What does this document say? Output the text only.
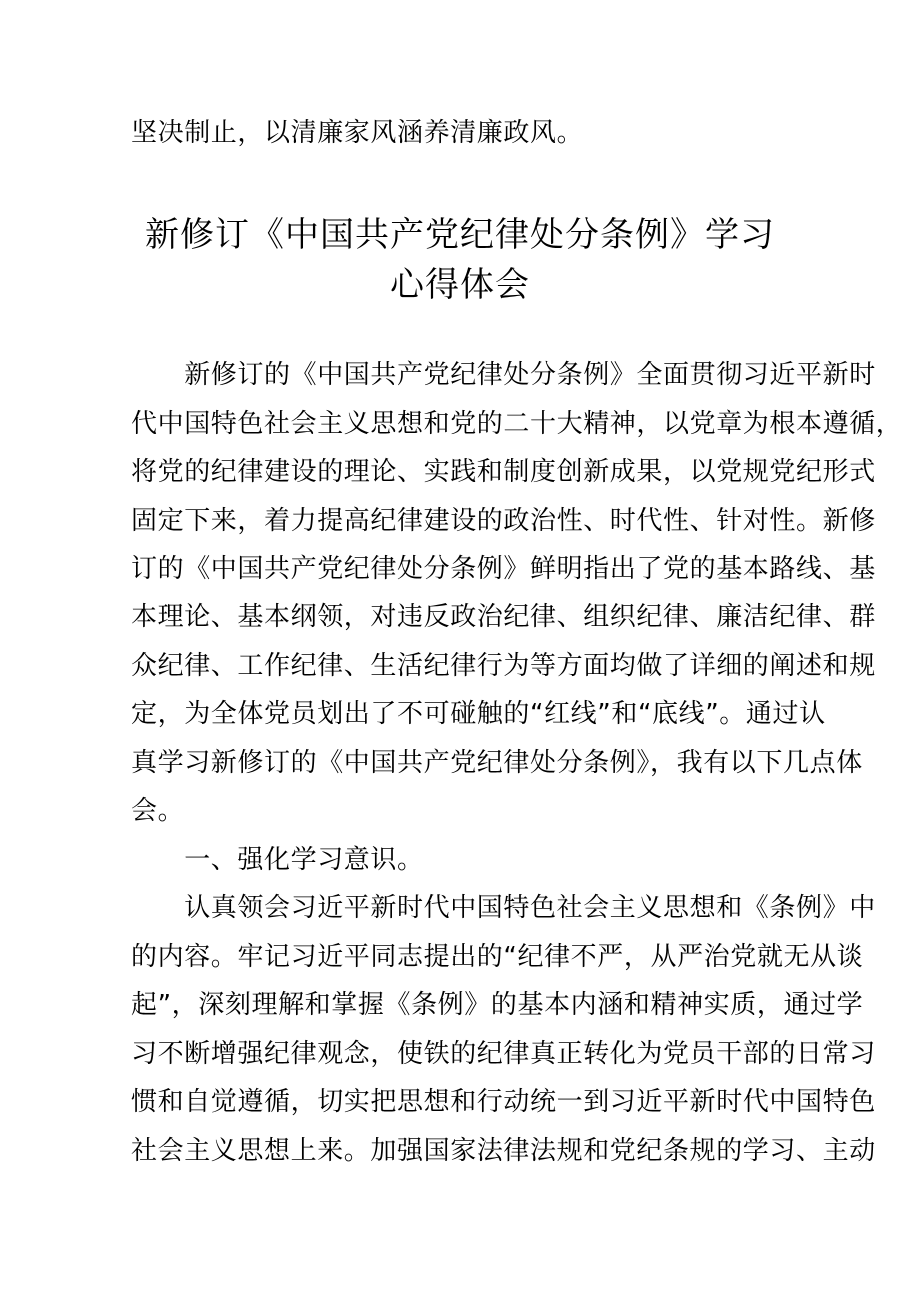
坚决制止，以清廉家风涵养清廉政风。

新修订《中国共产党纪律处分条例》学习
心得体会

　　新修订的《中国共产党纪律处分条例》全面贯彻习近平新时

代中国特色社会主义思想和党的二十大精神，以党章为根本遵循，

将党的纪律建设的理论、实践和制度创新成果，以党规党纪形式

固定下来，着力提高纪律建设的政治性、时代性、针对性。新修

订的《中国共产党纪律处分条例》鲜明指出了党的基本路线、基

本理论、基本纲领，对违反政治纪律、组织纪律、廉洁纪律、群

众纪律、工作纪律、生活纪律行为等方面均做了详细的阐述和规

定，为全体党员划出了不可碰触的“红线”和“底线”。通过认

真学习新修订的《中国共产党纪律处分条例》，我有以下几点体

会。

　　一、强化学习意识。

　　认真领会习近平新时代中国特色社会主义思想和《条例》中

的内容。牢记习近平同志提出的“纪律不严，从严治党就无从谈

起”，深刻理解和掌握《条例》的基本内涵和精神实质，通过学

习不断增强纪律观念，使铁的纪律真正转化为党员干部的日常习

惯和自觉遵循，切实把思想和行动统一到习近平新时代中国特色

社会主义思想上来。加强国家法律法规和党纪条规的学习、主动
